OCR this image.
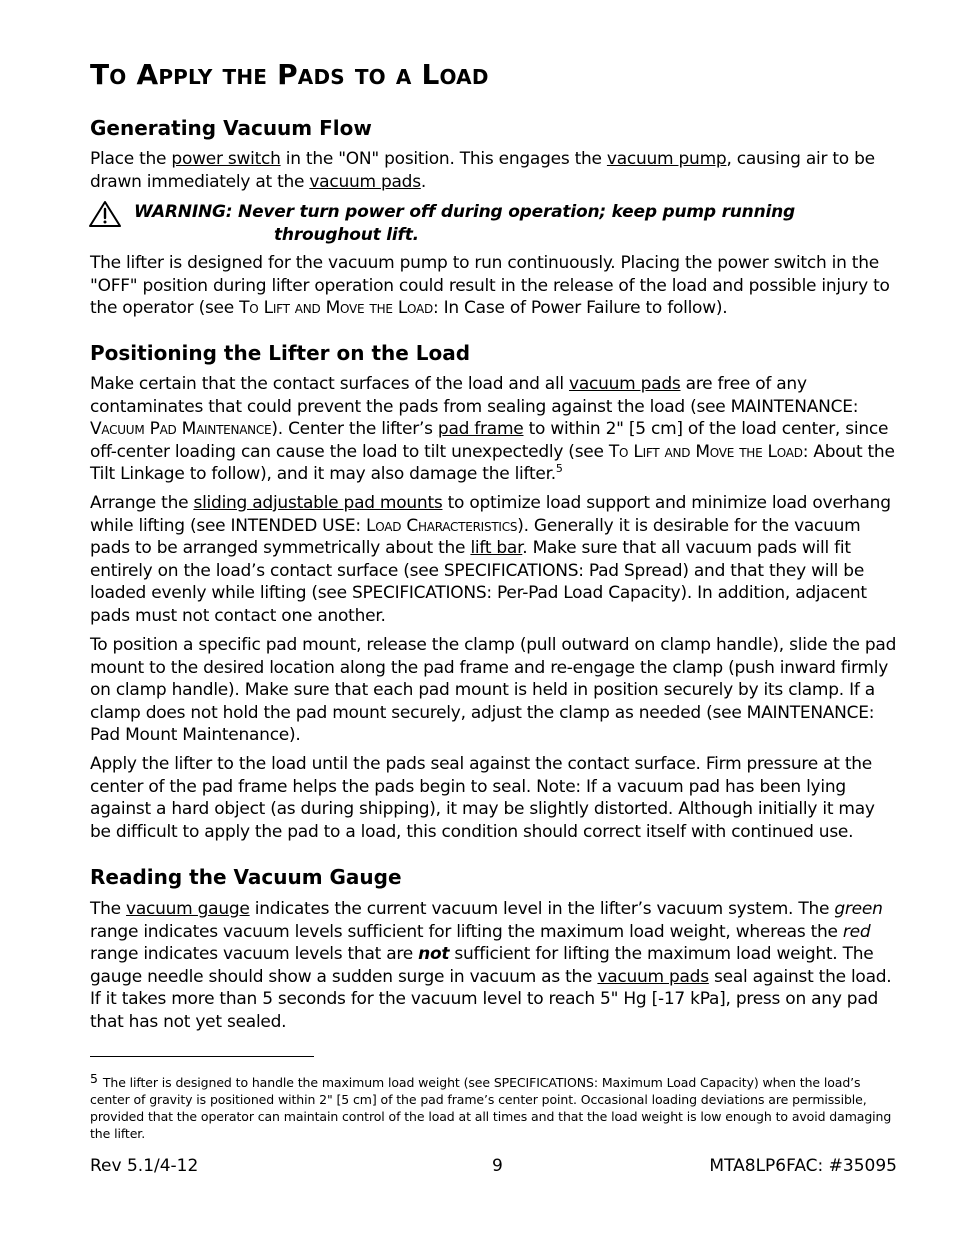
To Apply the Pads to a Load
Generating Vacuum Flow

Place the power switch in the "ON" position. This engages the vacuum pump, causing air to be drawn immediately at the vacuum pads.

WARNING: Never turn power off during operation; keep pump running
throughout lift.

The lifter is designed for the vacuum pump to run continuously. Placing the power switch in the "OFF" position during lifter operation could result in the release of the load and possible injury to the operator (see To Lift and Move the Load: In Case of Power Failure to follow).

Positioning the Lifter on the Load

Make certain that the contact surfaces of the load and all vacuum pads are free of any contaminates that could prevent the pads from sealing against the load (see MAINTENANCE: Vacuum Pad Maintenance). Center the lifter’s pad frame to within 2" [5 cm] of the load center, since off-center loading can cause the load to tilt unexpectedly (see To Lift and Move the Load: About the Tilt Linkage to follow), and it may also damage the lifter.$^5$

Arrange the sliding adjustable pad mounts to optimize load support and minimize load overhang while lifting (see INTENDED USE: Load Characteristics). Generally it is desirable for the vacuum pads to be arranged symmetrically about the lift bar. Make sure that all vacuum pads will fit entirely on the load’s contact surface (see SPECIFICATIONS: Pad Spread) and that they will be loaded evenly while lifting (see SPECIFICATIONS: Per-Pad Load Capacity). In addition, adjacent pads must not contact one another.

To position a specific pad mount, release the clamp (pull outward on clamp handle), slide the pad mount to the desired location along the pad frame and re-engage the clamp (push inward firmly on clamp handle). Make sure that each pad mount is held in position securely by its clamp. If a clamp does not hold the pad mount securely, adjust the clamp as needed (see MAINTENANCE: Pad Mount Maintenance).

Apply the lifter to the load until the pads seal against the contact surface. Firm pressure at the center of the pad frame helps the pads begin to seal. Note: If a vacuum pad has been lying against a hard object (as during shipping), it may be slightly distorted. Although initially it may be difficult to apply the pad to a load, this condition should correct itself with continued use.

Reading the Vacuum Gauge

The vacuum gauge indicates the current vacuum level in the lifter’s vacuum system. The green range indicates vacuum levels sufficient for lifting the maximum load weight, whereas the red range indicates vacuum levels that are not sufficient for lifting the maximum load weight. The gauge needle should show a sudden surge in vacuum as the vacuum pads seal against the load. If it takes more than 5 seconds for the vacuum level to reach 5" Hg [-17 kPa], press on any pad that has not yet sealed.

5 The lifter is designed to handle the maximum load weight (see SPECIFICATIONS: Maximum Load Capacity) when the load’s center of gravity is positioned within 2" [5 cm] of the pad frame’s center point. Occasional loading deviations are permissible, provided that the operator can maintain control of the load at all times and that the load weight is low enough to avoid damaging the lifter.

Rev 5.1/4-12	9	MTA8LP6FAC: #35095
